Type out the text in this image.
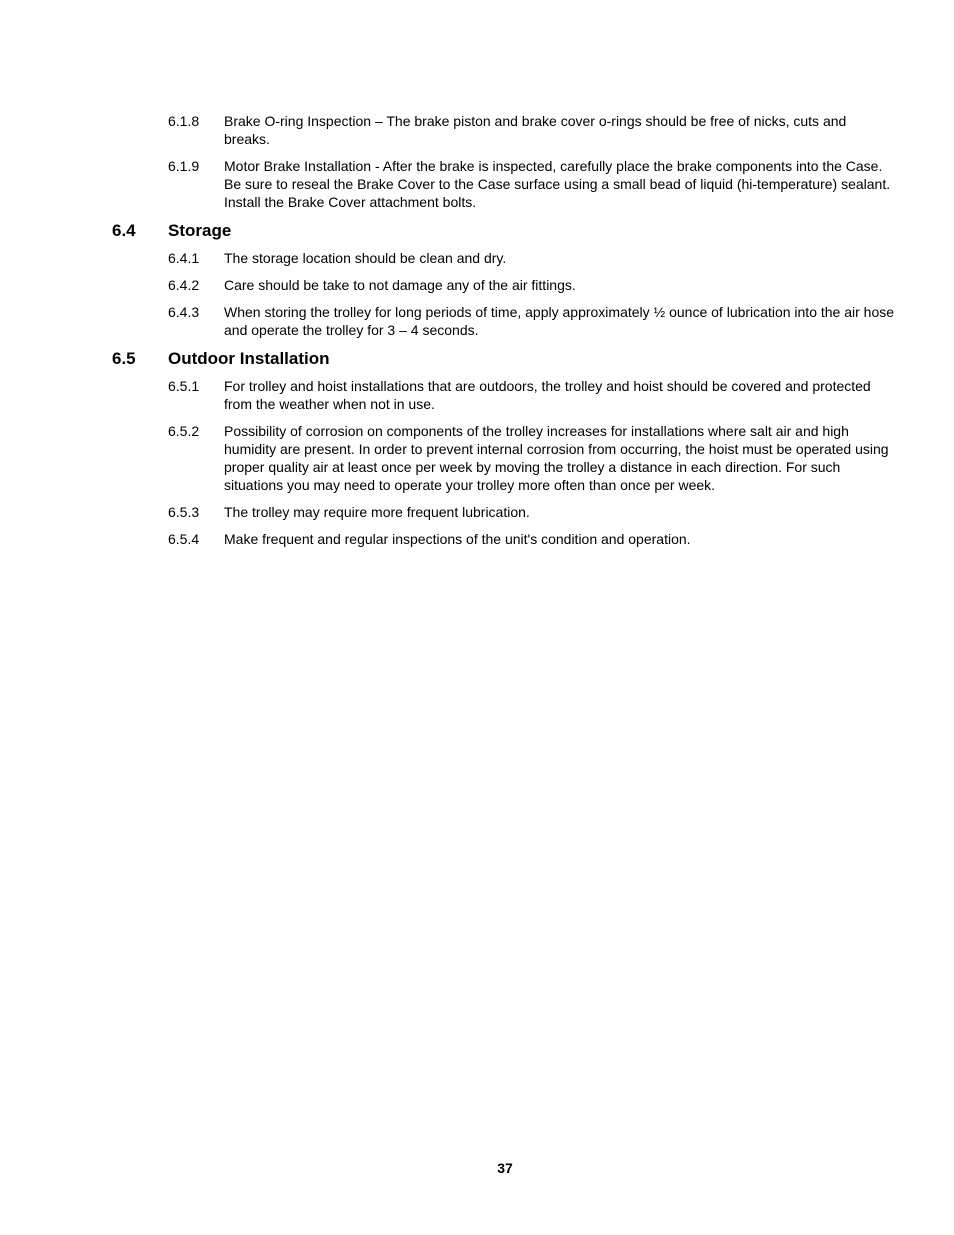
6.1.8	Brake O-ring Inspection – The brake piston and brake cover o-rings should be free of nicks, cuts and breaks.
6.1.9	Motor Brake Installation - After the brake is inspected, carefully place the brake components into the Case. Be sure to reseal the Brake Cover to the Case surface using a small bead of liquid (hi-temperature) sealant. Install the Brake Cover attachment bolts.
6.4	Storage
6.4.1	The storage location should be clean and dry.
6.4.2	Care should be take to not damage any of the air fittings.
6.4.3	When storing the trolley for long periods of time, apply approximately ½ ounce of lubrication into the air hose and operate the trolley for 3 – 4 seconds.
6.5	Outdoor Installation
6.5.1	For trolley and hoist installations that are outdoors, the trolley and hoist should be covered and protected from the weather when not in use.
6.5.2	Possibility of corrosion on components of the trolley increases for installations where salt air and high humidity are present. In order to prevent internal corrosion from occurring, the hoist must be operated using proper quality air at least once per week by moving the trolley a distance in each direction. For such situations you may need to operate your trolley more often than once per week.
6.5.3	The trolley may require more frequent lubrication.
6.5.4	Make frequent and regular inspections of the unit's condition and operation.
37
